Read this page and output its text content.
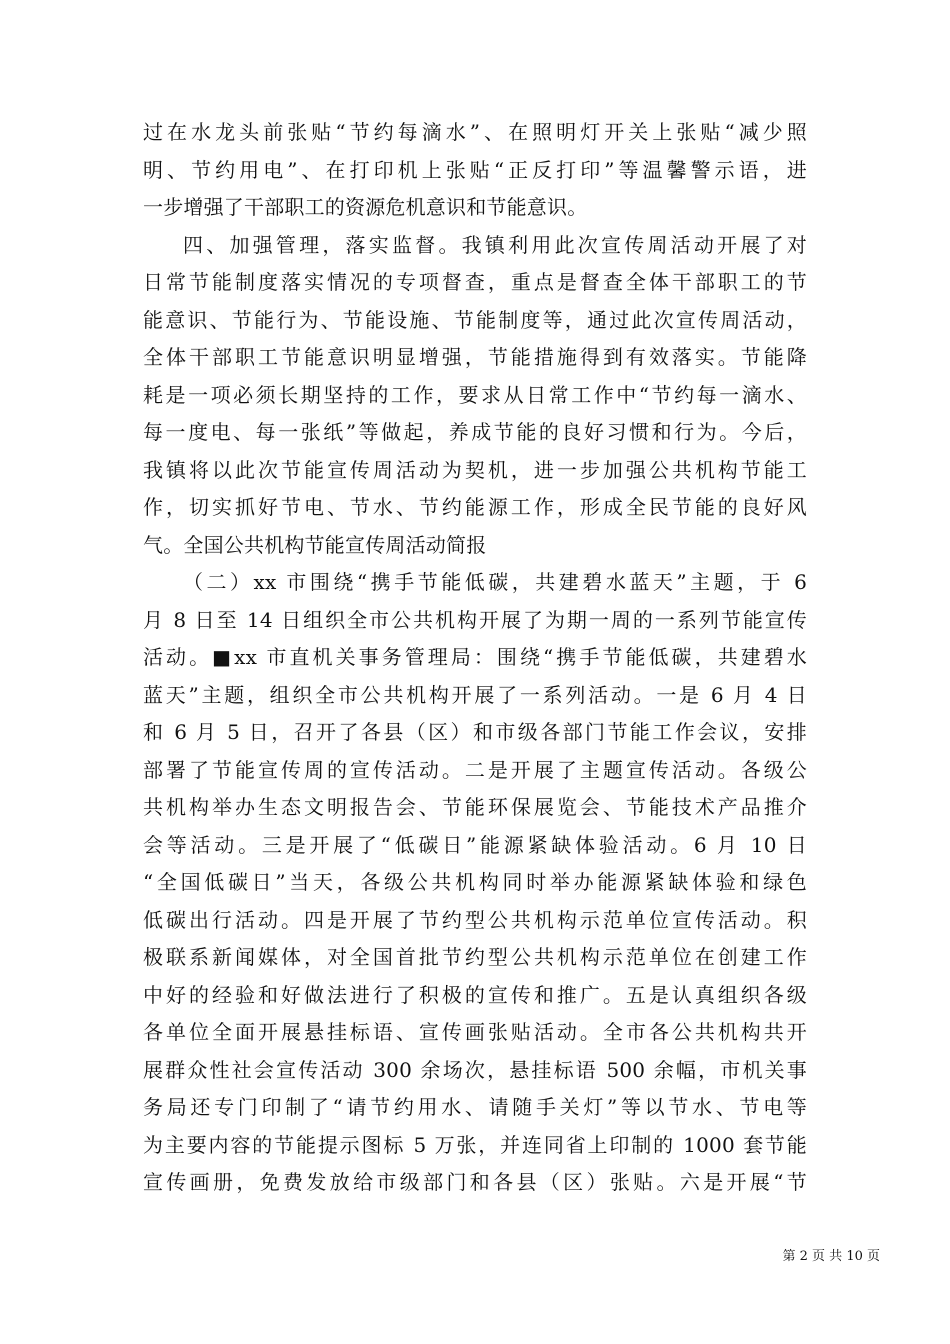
过在水龙头前张贴“节约每滴水”、在照明灯开关上张贴“减少照
明、节约用电”、在打印机上张贴“正反打印”等温馨警示语，进
一步增强了干部职工的资源危机意识和节能意识。
四、加强管理，落实监督。我镇利用此次宣传周活动开展了对
日常节能制度落实情况的专项督查，重点是督查全体干部职工的节
能意识、节能行为、节能设施、节能制度等，通过此次宣传周活动，
全体干部职工节能意识明显增强，节能措施得到有效落实。节能降
耗是一项必须长期坚持的工作，要求从日常工作中“节约每一滴水、
每一度电、每一张纸”等做起，养成节能的良好习惯和行为。今后，
我镇将以此次节能宣传周活动为契机，进一步加强公共机构节能工
作，切实抓好节电、节水、节约能源工作，形成全民节能的良好风
气。全国公共机构节能宣传周活动简报
（二）xx 市围绕“携手节能低碳，共建碧水蓝天”主题，于 6
月 8 日至 14 日组织全市公共机构开展了为期一周的一系列节能宣传
活动。■xx 市直机关事务管理局：围绕“携手节能低碳，共建碧水
蓝天”主题，组织全市公共机构开展了一系列活动。一是 6 月 4 日
和 6 月 5 日，召开了各县（区）和市级各部门节能工作会议，安排
部署了节能宣传周的宣传活动。二是开展了主题宣传活动。各级公
共机构举办生态文明报告会、节能环保展览会、节能技术产品推介
会等活动。三是开展了“低碳日”能源紧缺体验活动。6 月 10 日
“全国低碳日”当天，各级公共机构同时举办能源紧缺体验和绿色
低碳出行活动。四是开展了节约型公共机构示范单位宣传活动。积
极联系新闻媒体，对全国首批节约型公共机构示范单位在创建工作
中好的经验和好做法进行了积极的宣传和推广。五是认真组织各级
各单位全面开展悬挂标语、宣传画张贴活动。全市各公共机构共开
展群众性社会宣传活动 300 余场次，悬挂标语 500 余幅，市机关事
务局还专门印制了“请节约用水、请随手关灯”等以节水、节电等
为主要内容的节能提示图标 5 万张，并连同省上印制的 1000 套节能
宣传画册，免费发放给市级部门和各县（区）张贴。六是开展“节
第 2 页 共 10 页
